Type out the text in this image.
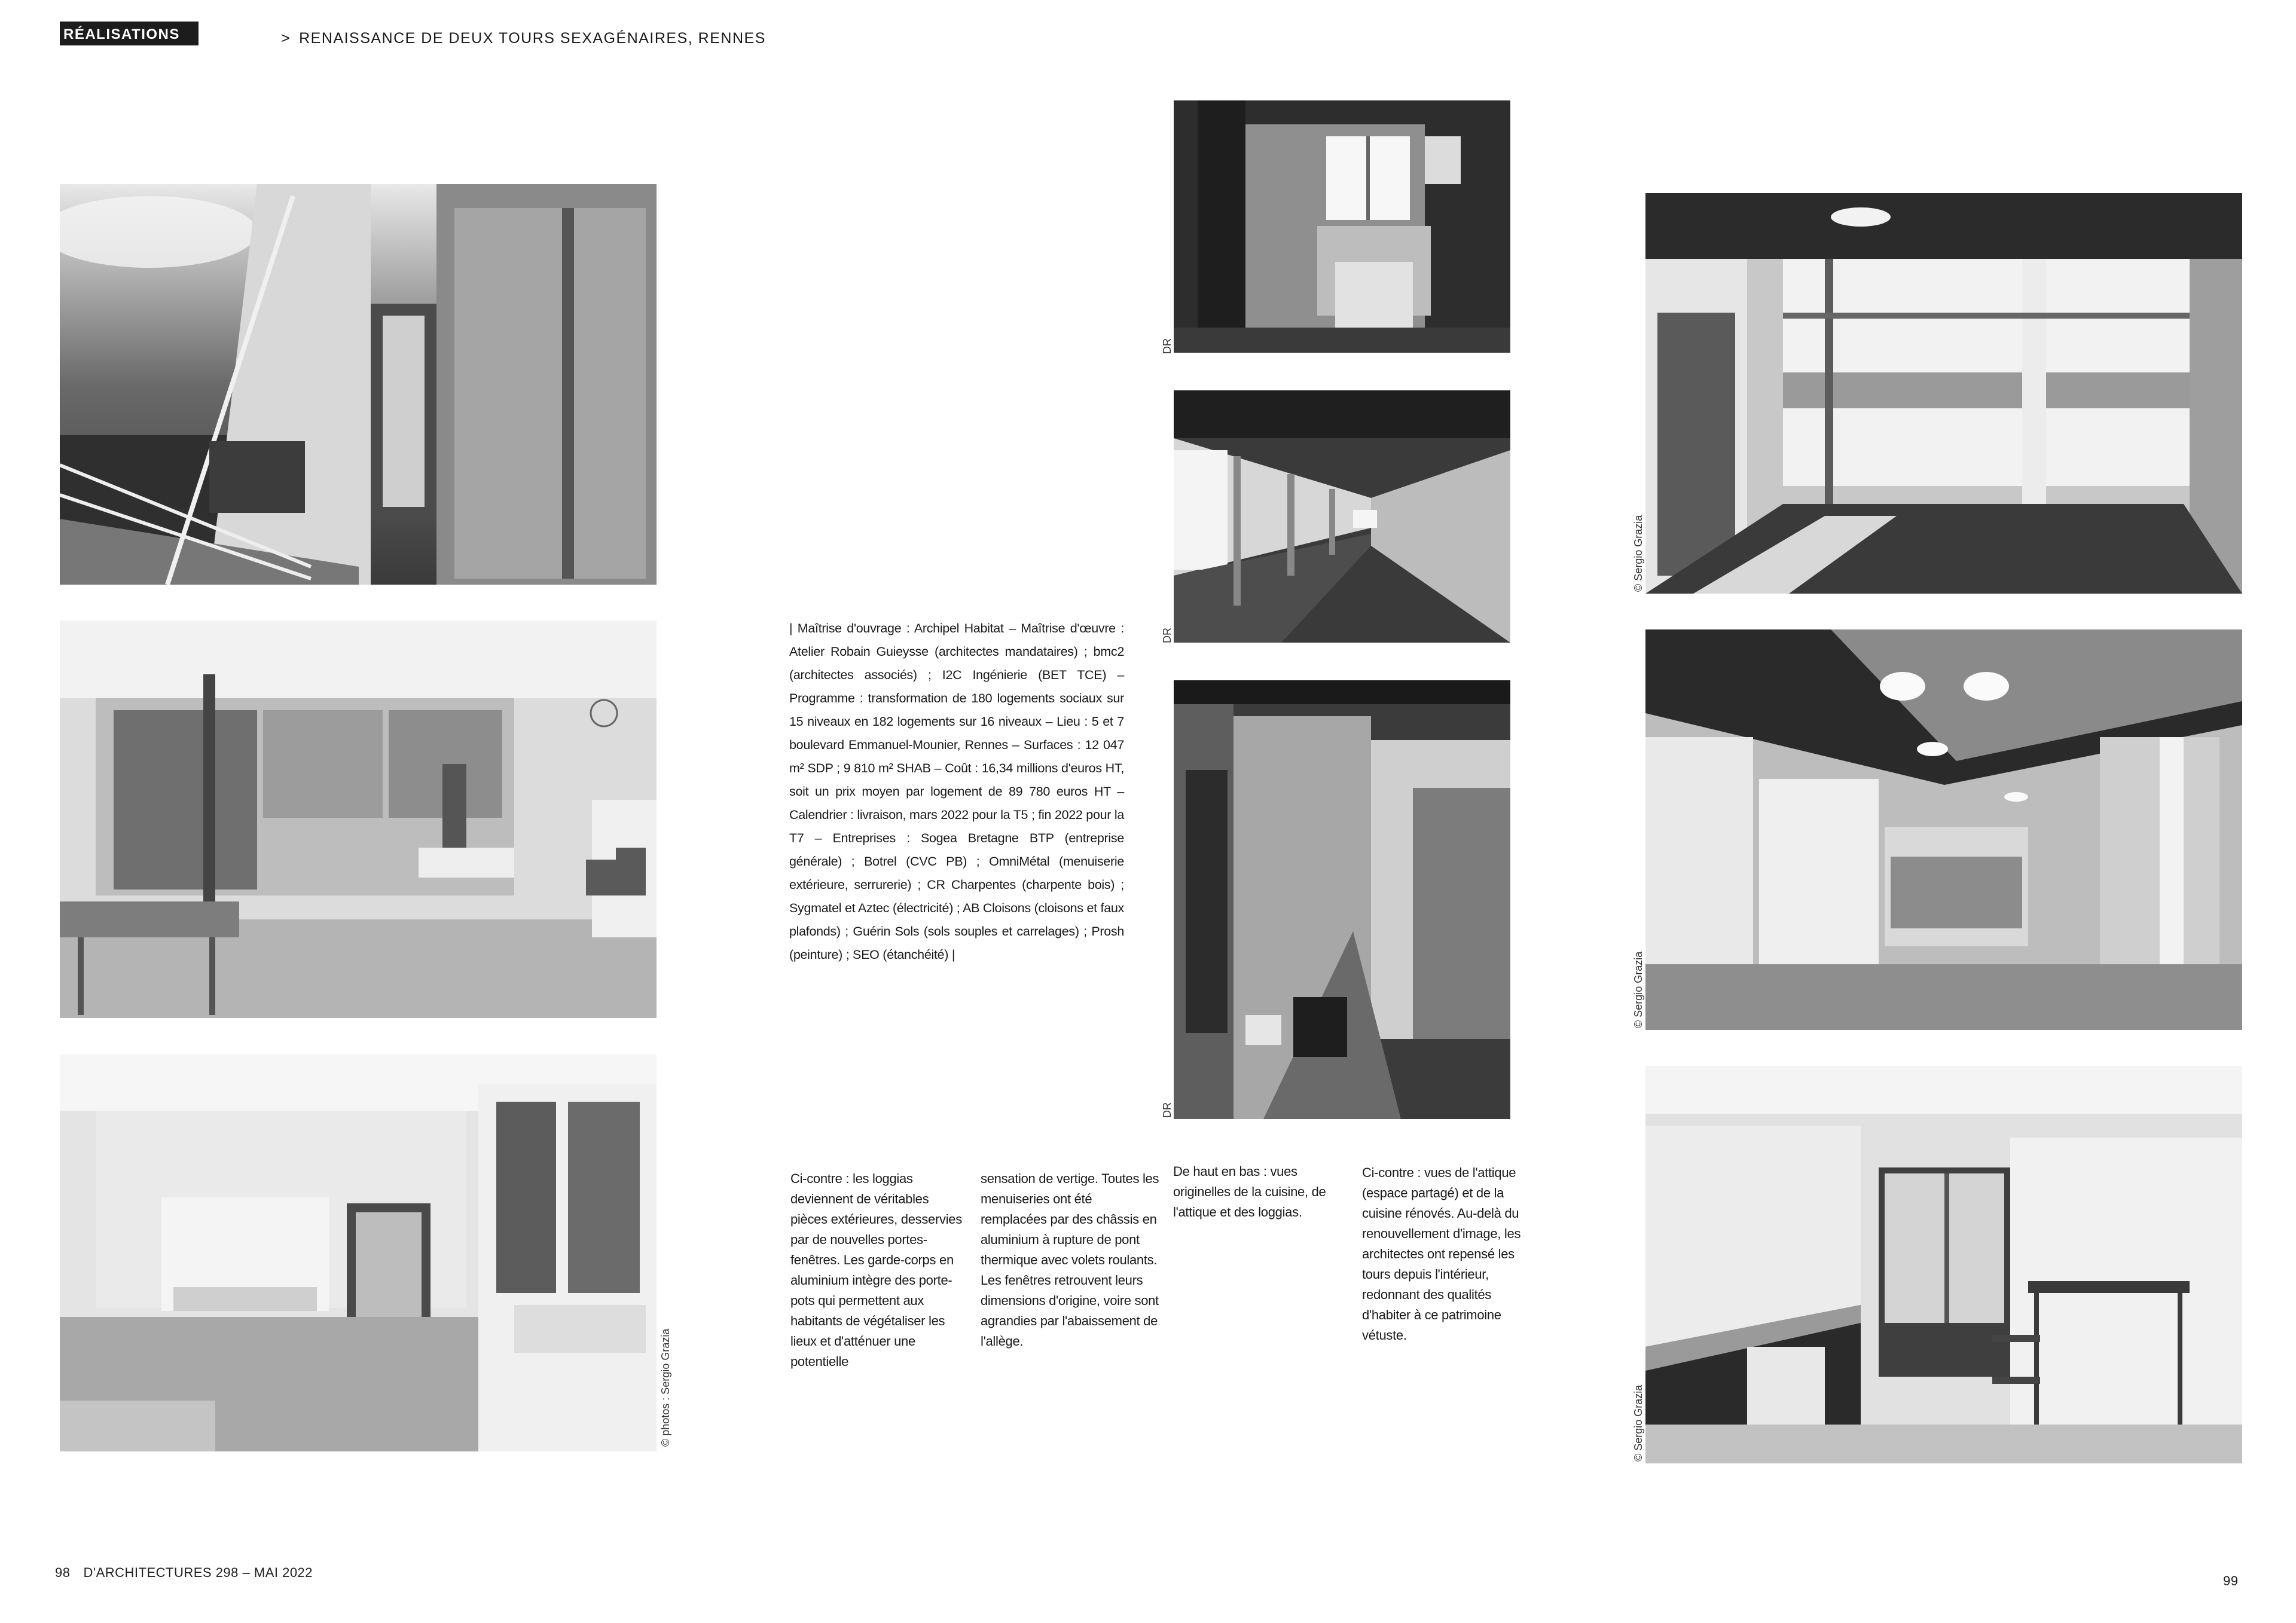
RÉALISATIONS	> RENAISSANCE DE DEUX TOURS SEXAGÉNAIRES, RENNES
© photos : Sergio Grazia
DR
DR
DR
| Maîtrise d'ouvrage : Archipel Habitat – Maîtrise d'œuvre : Atelier Robain Guieysse (architectes mandataires) ; bmc2 (architectes associés) ; I2C Ingénierie (BET TCE) – Programme : transformation de 180 logements sociaux sur 15 niveaux en 182 logements sur 16 niveaux – Lieu : 5 et 7 boulevard Emmanuel-Mounier, Rennes – Surfaces : 12 047 m² SDP ; 9 810 m² SHAB – Coût : 16,34 millions d'euros HT, soit un prix moyen par logement de 89 780 euros HT – Calendrier : livraison, mars 2022 pour la T5 ; fin 2022 pour la T7 – Entreprises : Sogea Bretagne BTP (entreprise générale) ; Botrel (CVC PB) ; OmniMétal (menuiserie extérieure, serrurerie) ; CR Charpentes (charpente bois) ; Sygmatel et Aztec (électricité) ; AB Cloisons (cloisons et faux plafonds) ; Guérin Sols (sols souples et carrelages) ; Prosh (peinture) ; SEO (étanchéité) |
Ci-contre : les loggias deviennent de véritables pièces extérieures, desservies par de nouvelles portes-fenêtres. Les garde-corps en aluminium intègre des porte-pots qui permettent aux habitants de végétaliser les lieux et d'atténuer une potentielle
sensation de vertige. Toutes les menuiseries ont été remplacées par des châssis en aluminium à rupture de pont thermique avec volets roulants. Les fenêtres retrouvent leurs dimensions d'origine, voire sont agrandies par l'abaissement de l'allège.
De haut en bas : vues originelles de la cuisine, de l'attique et des loggias.
Ci-contre : vues de l'attique (espace partagé) et de la cuisine rénovés. Au-delà du renouvellement d'image, les architectes ont repensé les tours depuis l'intérieur, redonnant des qualités d'habiter à ce patrimoine vétuste.
© Sergio Grazia
© Sergio Grazia
© Sergio Grazia
98 D'ARCHITECTURES 298 – MAI 2022
99
